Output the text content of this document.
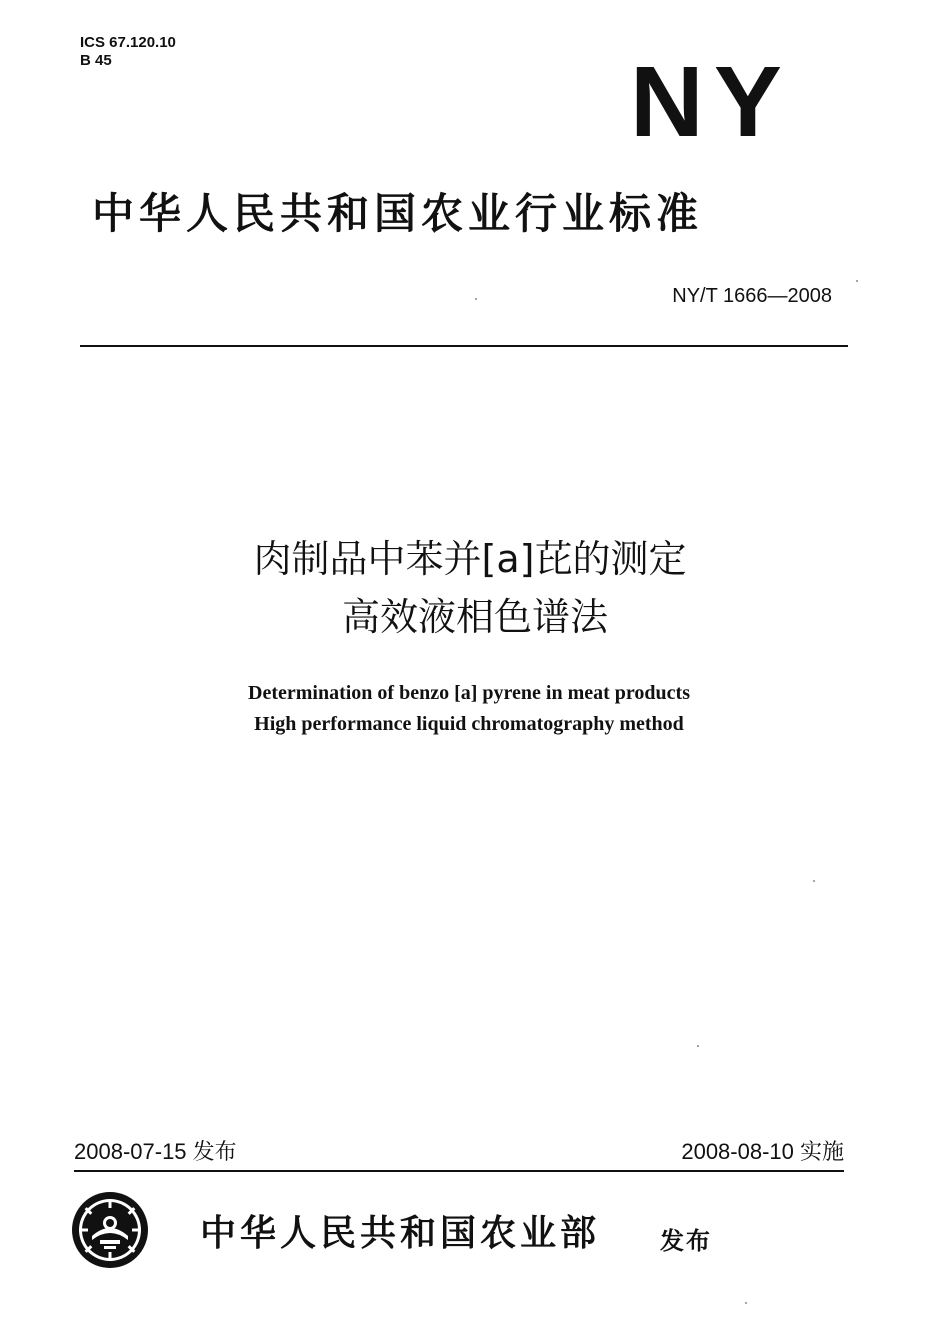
ICS 67.120.10
B 45	NY
中华人民共和国农业行业标准
NY/T 1666—2008
肉制品中苯并[a]芘的测定
高效液相色谱法
Determination of benzo [a] pyrene in meat products
High performance liquid chromatography method
2008-07-15 发布	2008-08-10 实施
中华人民共和国农业部 发布
